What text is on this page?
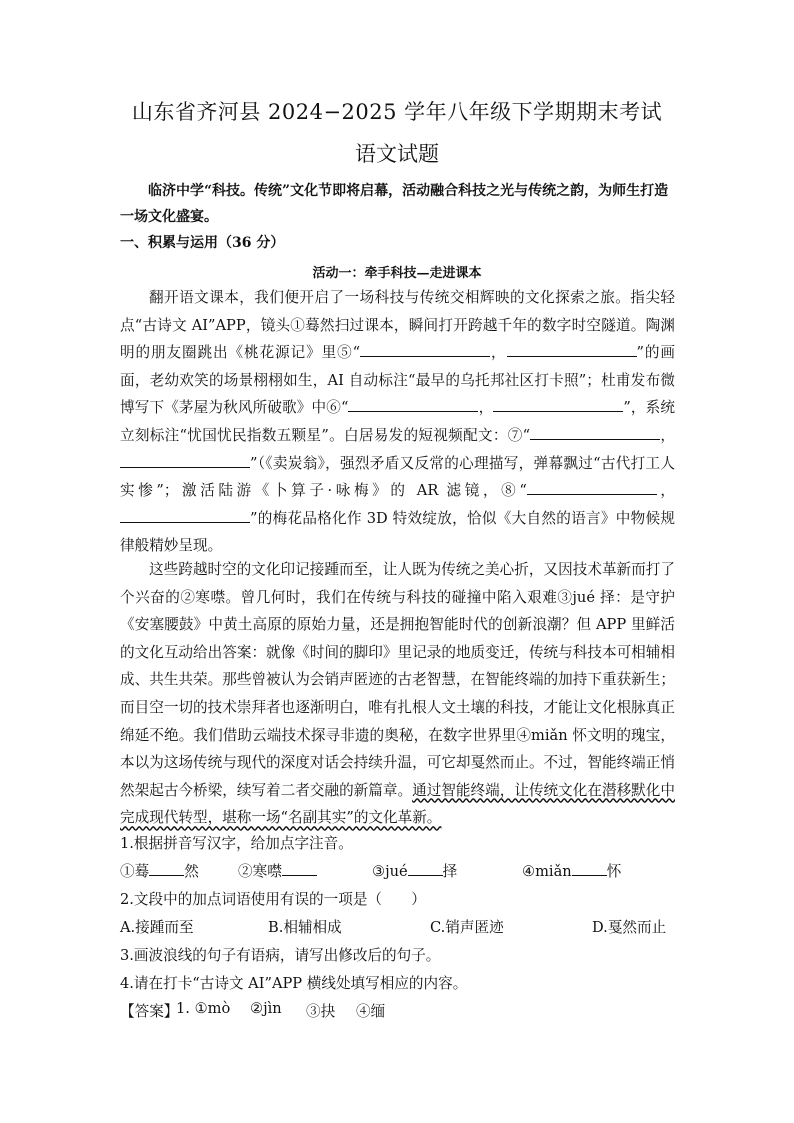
山东省齐河县 2024−2025 学年八年级下学期期末考试
语文试题
临济中学“科技。传统”文化节即将启幕，活动融合科技之光与传统之韵，为师生打造一场文化盛宴。
一、积累与运用（36 分）
活动一：牵手科技—走进课本
翻开语文课本，我们便开启了一场科技与传统交相辉映的文化探索之旅。指尖轻点“古诗文 AI”APP，镜头①蓦然扫过课本，瞬间打开跨越千年的数字时空隧道。陶渊明的朋友圈跳出《桃花源记》里⑤“	，	”的画面，老幼欢笑的场景栩栩如生，AI 自动标注“最早的乌托邦社区打卡照”；杜甫发布微博写下《茅屋为秋风所破歌》中⑥“	，	”，系统立刻标注“忧国忧民指数五颗星”。白居易发的短视频配文：⑦“	，”（《卖炭翁》，强烈矛盾又反常的心理描写，弹幕飘过“古代打工人实惨”；激活陆游《卜算子·咏梅》的 AR 滤镜，⑧“	，”的梅花品格化作 3D 特效绽放，恰似《大自然的语言》中物候规律般精妙呈现。
这些跨越时空的文化印记接踵而至，让人既为传统之美心折，又因技术革新而打了个兴奋的②寒噤。曾几何时，我们在传统与科技的碰撞中陷入艰难③jué 择：是守护《安塞腰鼓》中黄土高原的原始力量，还是拥抱智能时代的创新浪潮？但 APP 里鲜活的文化互动给出答案：就像《时间的脚印》里记录的地质变迁，传统与科技本可相辅相成、共生共荣。那些曾被认为会销声匿迹的古老智慧，在智能终端的加持下重获新生；而目空一切的技术崇拜者也逐渐明白，唯有扎根人文土壤的科技，才能让文化根脉真正绵延不绝。我们借助云端技术探寻非遗的奥秘，在数字世界里④miǎn 怀文明的瑰宝，本以为这场传统与现代的深度对话会持续升温，可它却戛然而止。不过，智能终端正悄然架起古今桥梁，续写着二者交融的新篇章。通过智能终端，让传统文化在潜移默化中完成现代转型，堪称一场“名副其实”的文化革新。
1.根据拼音写汉字，给加点字注音。
①蓦 然	②寒噤	③jué 择	④miǎn 怀
2.文段中的加点词语使用有误的一项是（　　）
A.接踵而至	B.相辅相成	C.销声匿迹	D.戛然而止
3.画波浪线的句子有语病，请写出修改后的句子。
4.请在打卡“古诗文 AI”APP 横线处填写相应的内容。
【答案】
1. ①mò ②jìn ③抉 ④缅
